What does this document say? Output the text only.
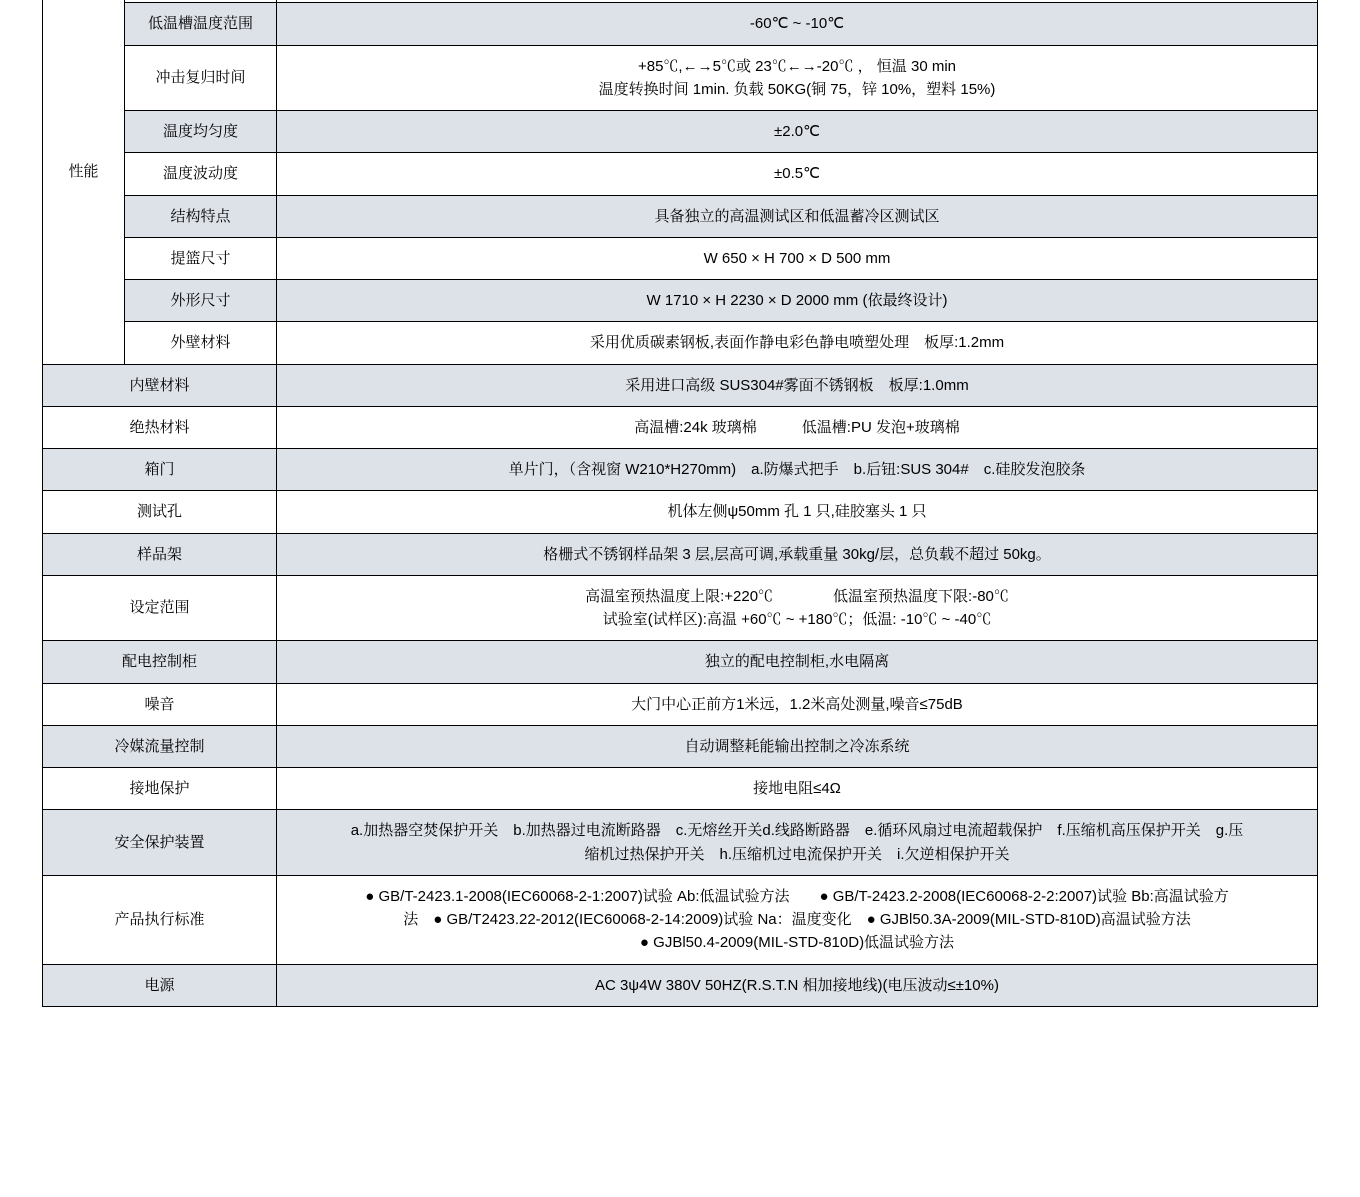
性能		
	低温槽温度范围	-60℃ ~ -10℃
	冲击复归时间	+85℃,←→5℃或 23℃←→-20℃ ， 恒温 30 min
温度转换时间 1min. 负载 50KG(铜 75，锌 10%，塑料 15%)

	温度均匀度	±2.0℃
	温度波动度	±0.5℃
	结构特点	具备独立的高温测试区和低温蓄冷区测试区
	提篮尺寸	W 650 × H 700 × D 500 mm
	外形尺寸	W 1710 × H 2230 × D 2000 mm (依最终设计)
	外壁材料	采用优质碳素钢板,表面作静电彩色静电喷塑处理　板厚:1.2mm
内壁材料		采用进口高级 SUS304#雾面不锈钢板　板厚:1.0mm
绝热材料		高温槽:24k 玻璃棉　　　低温槽:PU 发泡+玻璃棉
箱门		单片门，（含视窗 W210*H270mm)　a.防爆式把手　b.后钮:SUS 304#　c.硅胶发泡胶条
测试孔		机体左侧ψ50mm 孔 1 只,硅胶塞头 1 只
样品架		格栅式不锈钢样品架 3 层,层高可调,承载重量 30kg/层，总负载不超过 50kg。
设定范围		高温室预热温度上限:+220℃　　　　低温室预热温度下限:-80℃
试验室(试样区):高温 +60℃ ~ +180℃；低温: -10℃ ~ -40℃

配电控制柜		独立的配电控制柜,水电隔离
噪音		大门中心正前方1米远，1.2米高处测量,噪音≤75dB
冷媒流量控制		自动调整耗能输出控制之冷冻系统
接地保护		接地电阻≤4Ω
安全保护装置		a.加热器空焚保护开关　b.加热器过电流断路器　c.无熔丝开关d.线路断路器　e.循环风扇过电流超载保护　f.压缩机高压保护开关　g.压
缩机过热保护开关　h.压缩机过电流保护开关　i.欠逆相保护开关

产品执行标准		● GB/T-2423.1-2008(IEC60068-2-1:2007)试验 Ab:低温试验方法　　● GB/T-2423.2-2008(IEC60068-2-2:2007)试验 Bb:高温试验方
法　● GB/T2423.22-2012(IEC60068-2-14:2009)试验 Na：温度变化　● GJBl50.3A-2009(MIL-STD-810D)高温试验方法
● GJBl50.4-2009(MIL-STD-810D)低温试验方法

电源		AC 3ψ4W 380V 50HZ(R.S.T.N 相加接地线)(电压波动≤±10%)
